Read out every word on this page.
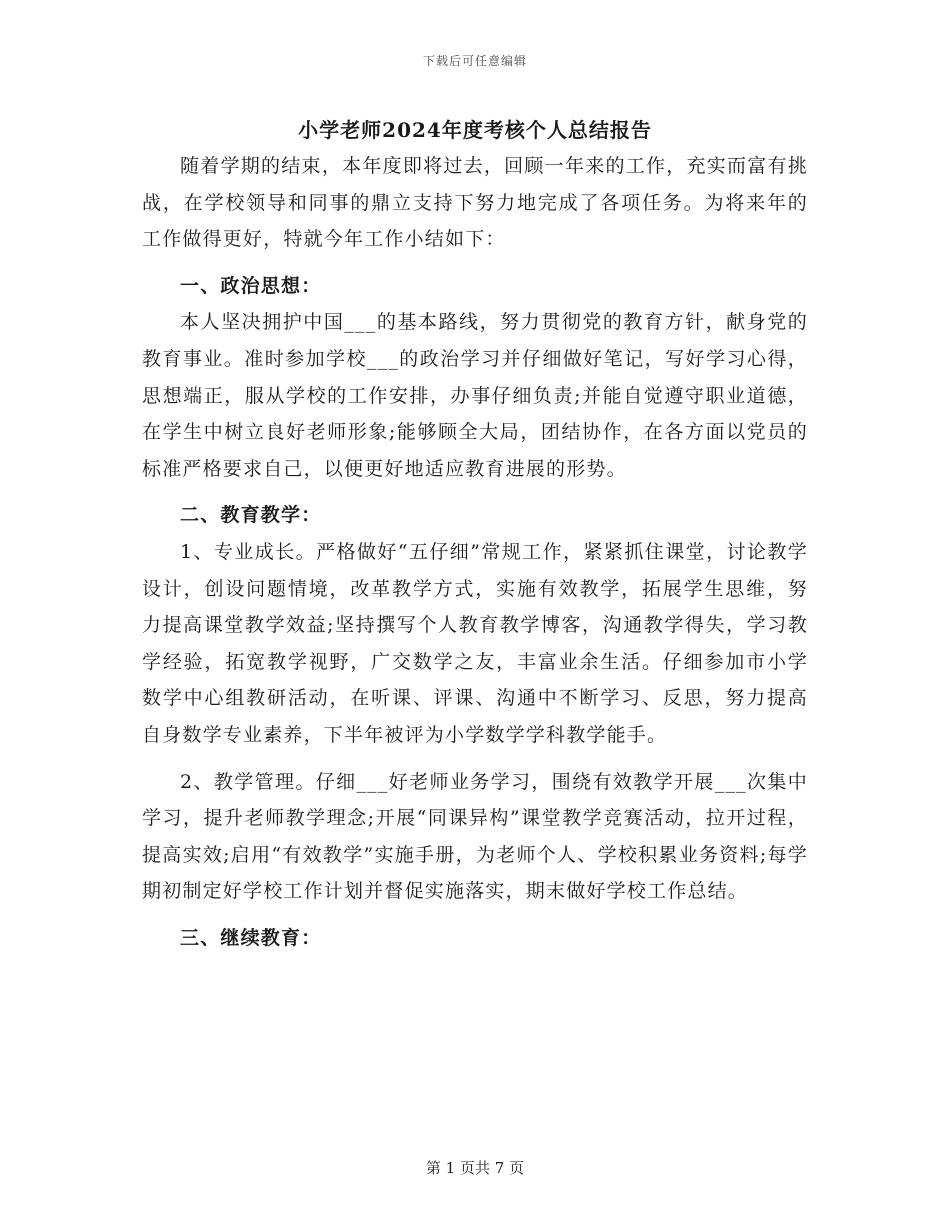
下载后可任意编辑
小学老师2024年度考核个人总结报告

随着学期的结束，本年度即将过去，回顾一年来的工作，充实而富有挑战，在学校领导和同事的鼎立支持下努力地完成了各项任务。为将来年的工作做得更好，特就今年工作小结如下：

一、政治思想：

本人坚决拥护中国___的基本路线，努力贯彻党的教育方针，献身党的教育事业。准时参加学校___的政治学习并仔细做好笔记，写好学习心得，思想端正，服从学校的工作安排，办事仔细负责;并能自觉遵守职业道德，在学生中树立良好老师形象;能够顾全大局，团结协作，在各方面以党员的标准严格要求自己，以便更好地适应教育进展的形势。

二、教育教学：

1、专业成长。严格做好“五仔细”常规工作，紧紧抓住课堂，讨论教学设计，创设问题情境，改革教学方式，实施有效教学，拓展学生思维，努力提高课堂教学效益;坚持撰写个人教育教学博客，沟通教学得失，学习教学经验，拓宽教学视野，广交数学之友，丰富业余生活。仔细参加市小学数学中心组教研活动，在听课、评课、沟通中不断学习、反思，努力提高自身数学专业素养，下半年被评为小学数学学科教学能手。

2、教学管理。仔细___好老师业务学习，围绕有效教学开展___次集中学习，提升老师教学理念;开展“同课异构”课堂教学竞赛活动，拉开过程，提高实效;启用“有效教学”实施手册，为老师个人、学校积累业务资料;每学期初制定好学校工作计划并督促实施落实，期末做好学校工作总结。

三、继续教育：
第 1 页共 7 页
